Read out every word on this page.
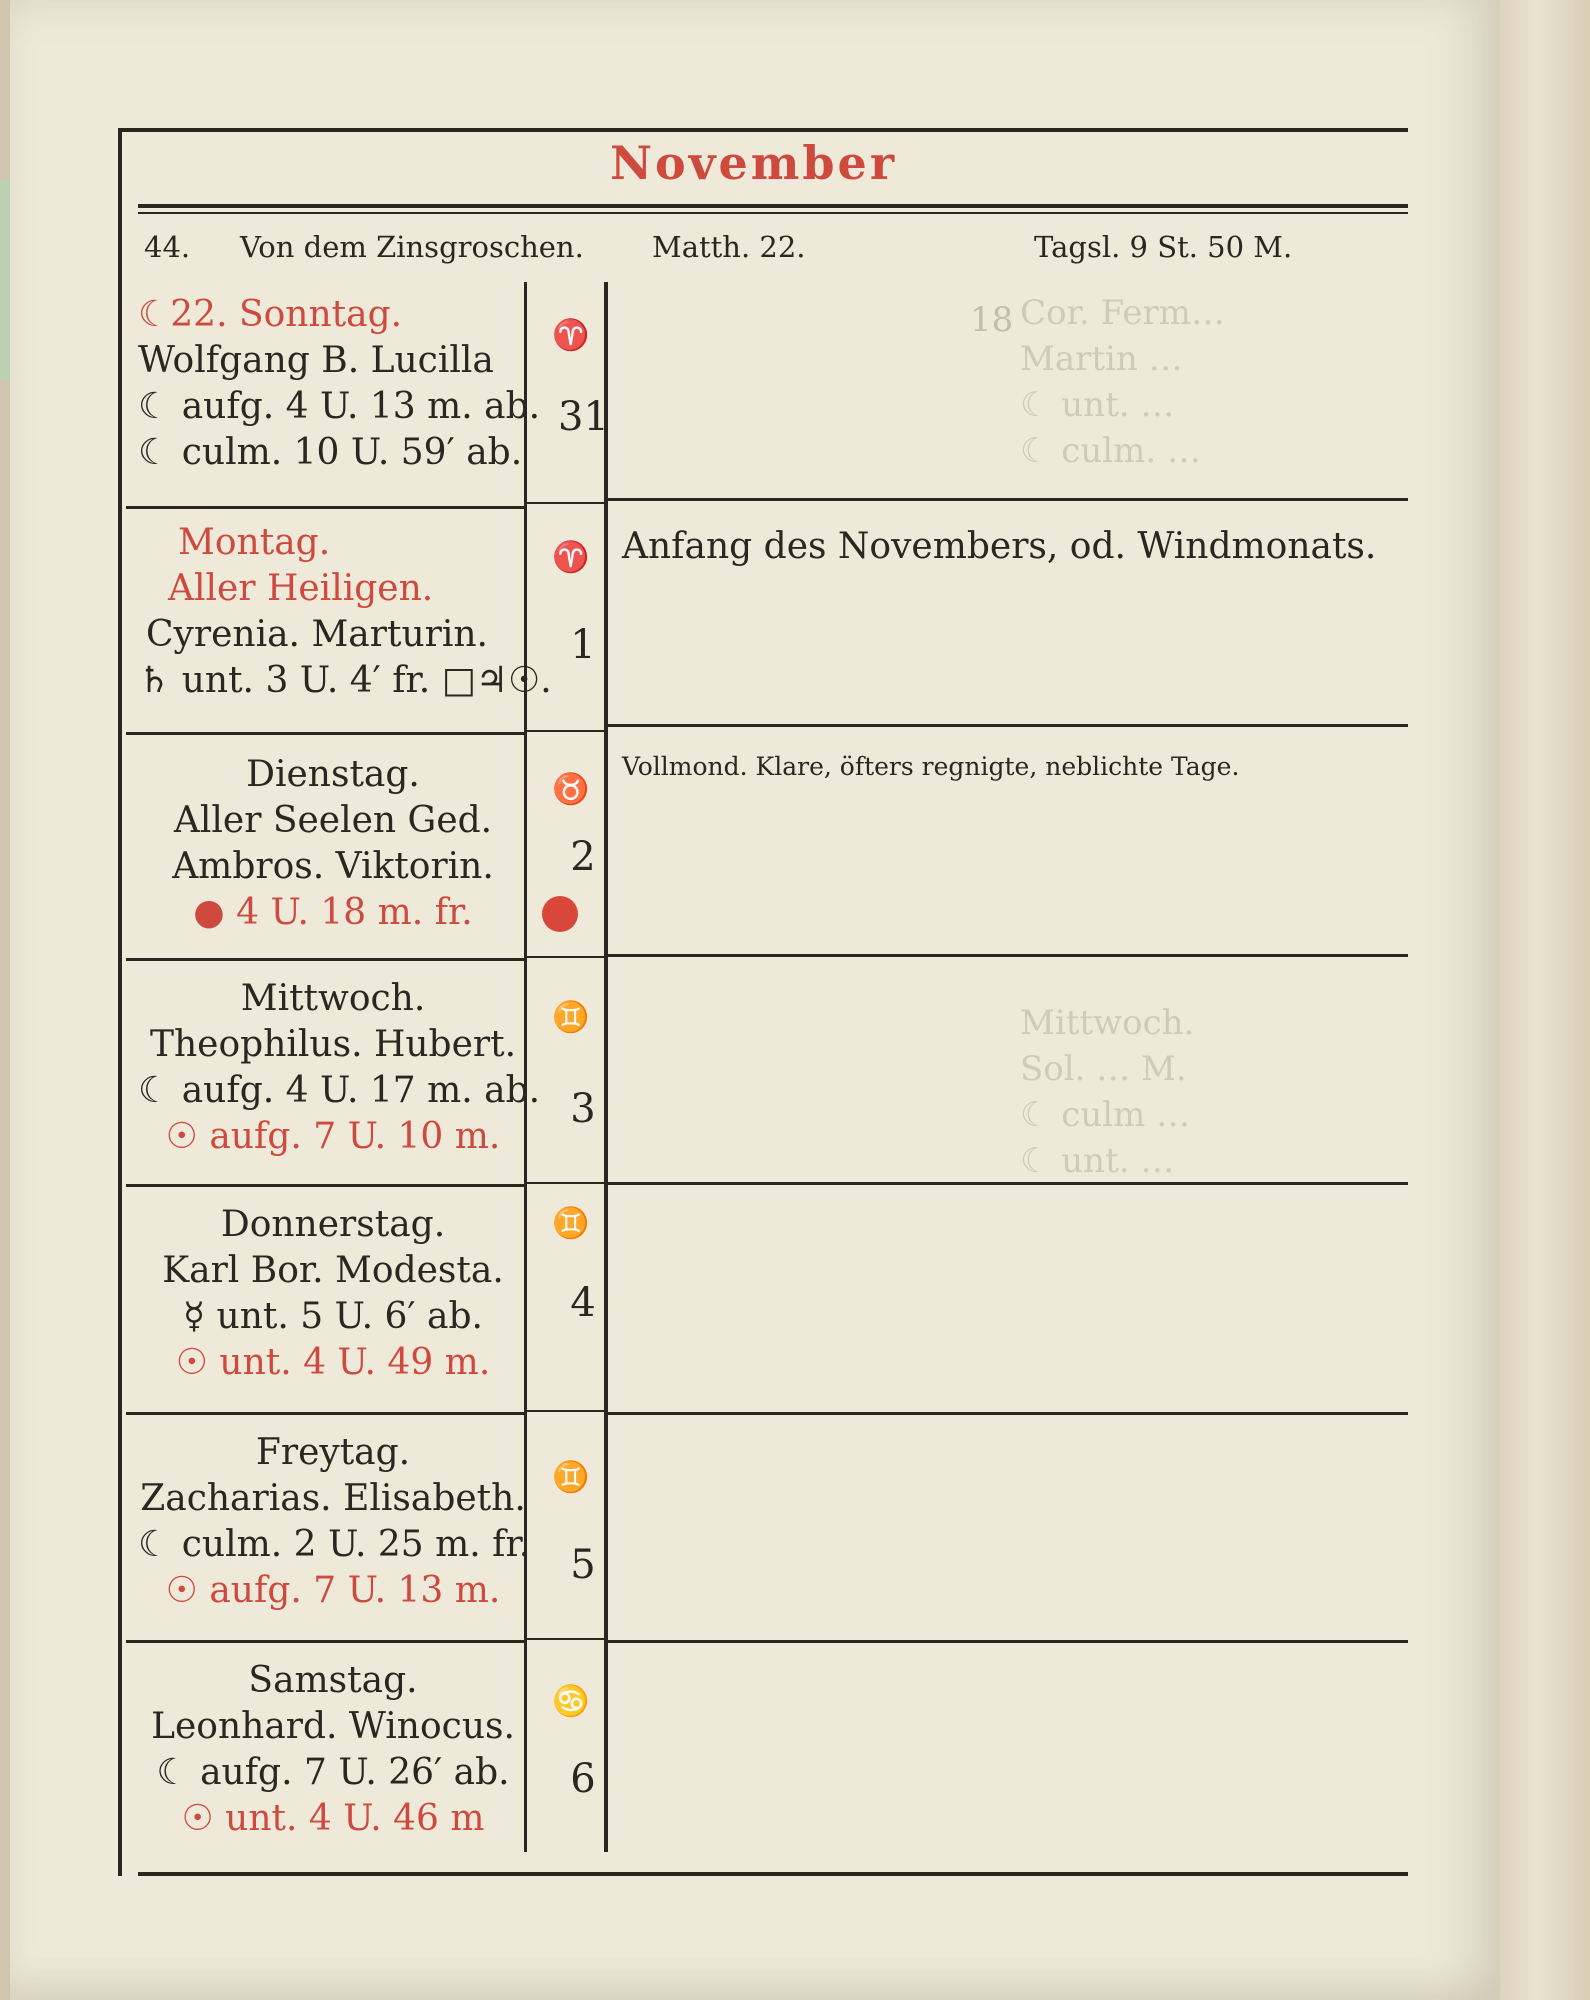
Cor. Ferm…
Martin …
☾ unt. …
☾ culm. …
18
Mittwoch.
Sol. … M.
☾ culm …
☾ unt. …
November
44. Von dem Zinsgroschen. Matth. 22.	Tagsl. 9 St. 50 M.
☾22. Sonntag.
Wolfgang B. Lucilla
☾ aufg. 4 U. 13 m. ab.
☾ culm. 10 U. 59′ ab.
♈
31
Montag.
Aller Heiligen.
Cyrenia. Marturin.
♄ unt. 3 U. 4′ fr. □♃☉.
♈
1
Anfang des Novembers, od. Windmonats.
Dienstag.
Aller Seelen Ged.
Ambros. Viktorin.
● 4 U. 18 m. fr.
♉
2
Vollmond. Klare, öfters regnigte, neblichte Tage.
Mittwoch.
Theophilus. Hubert.
☾ aufg. 4 U. 17 m. ab.
☉ aufg. 7 U. 10 m.
♊
3
Donnerstag.
Karl Bor. Modesta.
☿ unt. 5 U. 6′ ab.
☉ unt. 4 U. 49 m.
♊
4
Freytag.
Zacharias. Elisabeth.
☾ culm. 2 U. 25 m. fr.
☉ aufg. 7 U. 13 m.
♊
5
Samstag.
Leonhard. Winocus.
☾ aufg. 7 U. 26′ ab.
☉ unt. 4 U. 46 m
♋
6
